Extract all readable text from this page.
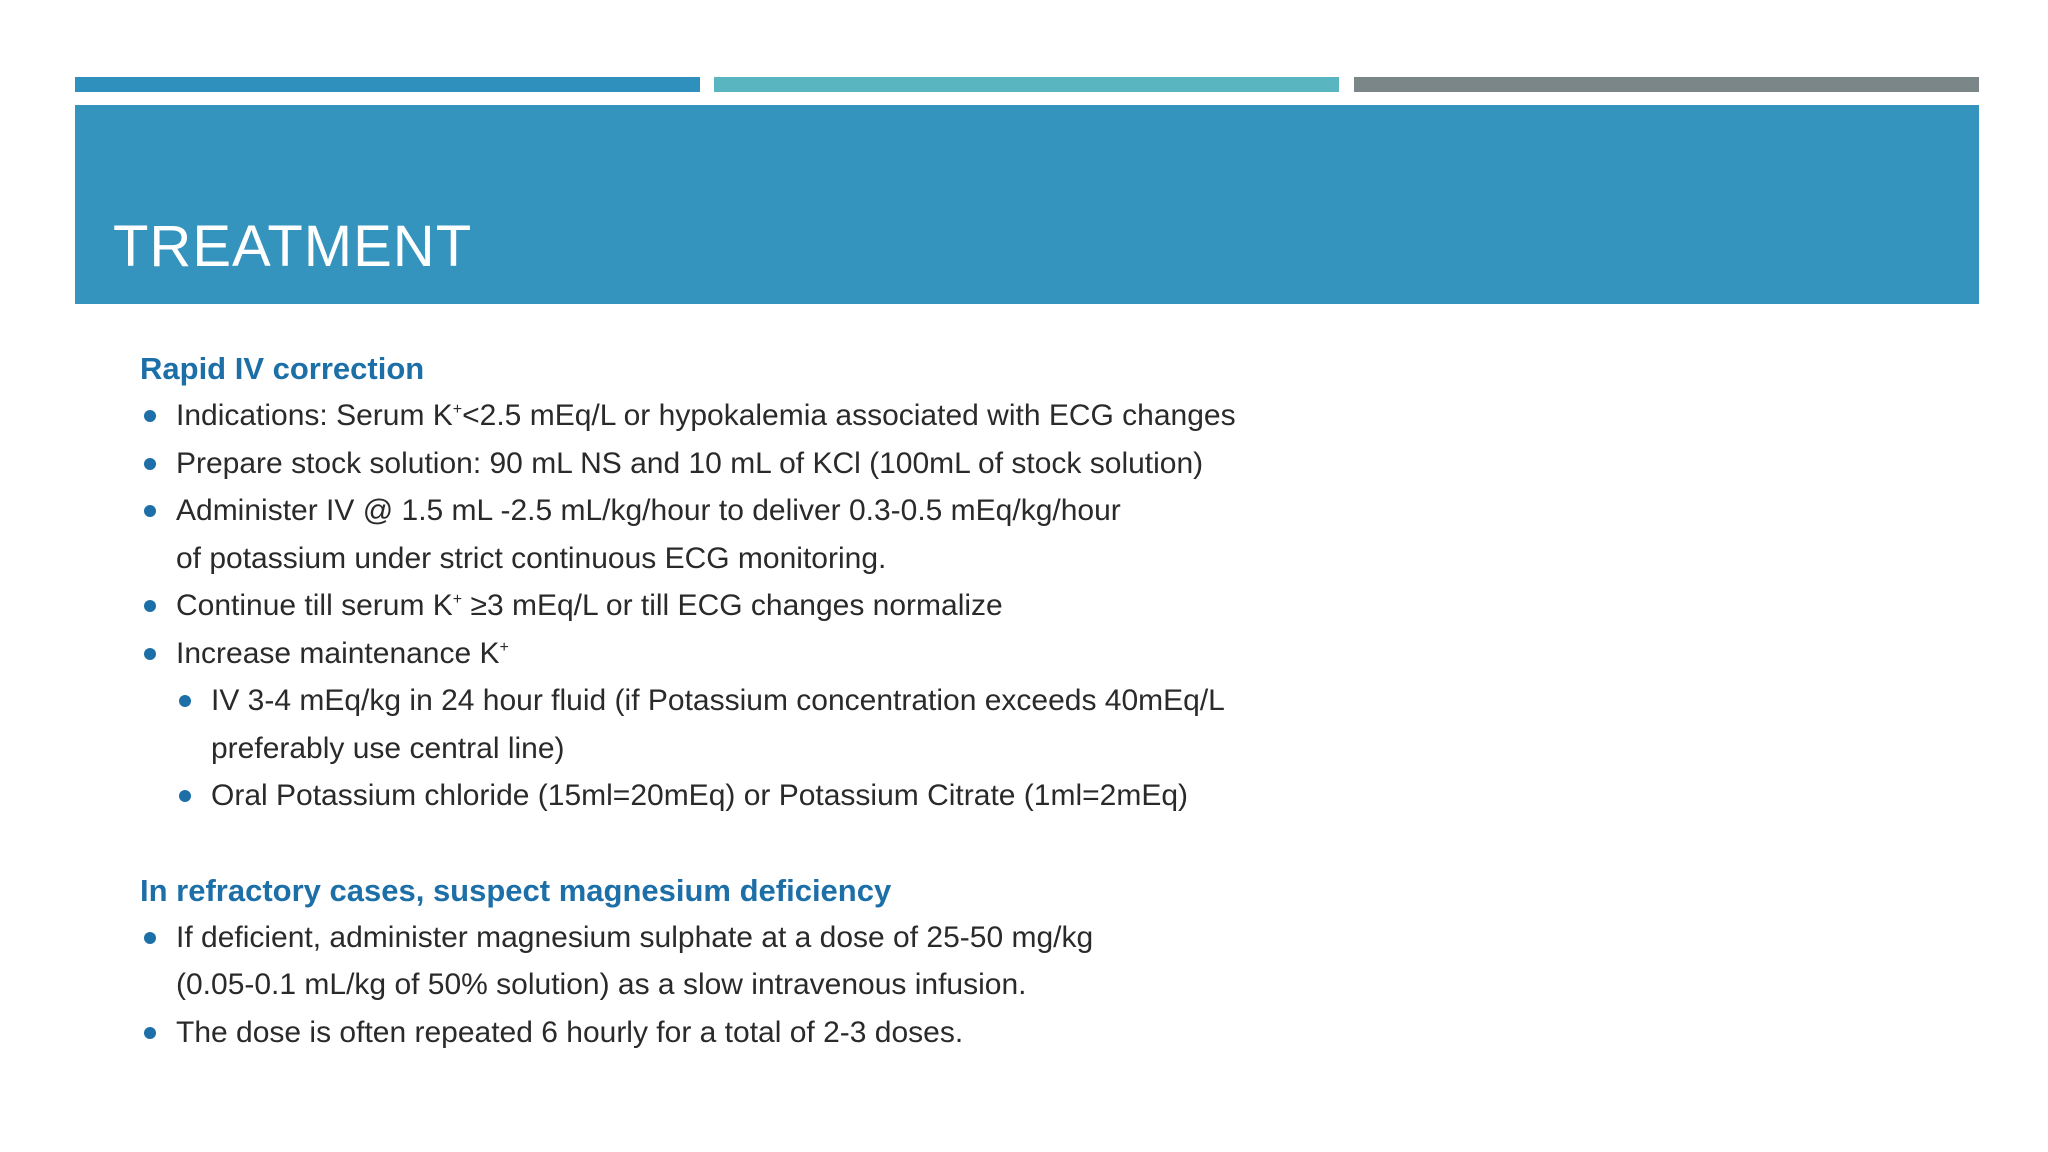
TREATMENT

Rapid IV correction

Indications: Serum K+<2.5 mEq/L or hypokalemia associated with ECG changes
Prepare stock solution: 90 mL NS and 10 mL of KCl (100mL of stock solution)
Administer IV @ 1.5 mL -2.5 mL/kg/hour to deliver 0.3-0.5 mEq/kg/hour
of potassium under strict continuous ECG monitoring.
Continue till serum K+ ≥3 mEq/L or till ECG changes normalize
Increase maintenance K+
IV 3-4 mEq/kg in 24 hour fluid (if Potassium concentration exceeds 40mEq/L
preferably use central line)
Oral Potassium chloride (15ml=20mEq) or Potassium Citrate (1ml=2mEq)

In refractory cases, suspect magnesium deficiency

If deficient, administer magnesium sulphate at a dose of 25-50 mg/kg
(0.05-0.1 mL/kg of 50% solution) as a slow intravenous infusion.
The dose is often repeated 6 hourly for a total of 2-3 doses.
